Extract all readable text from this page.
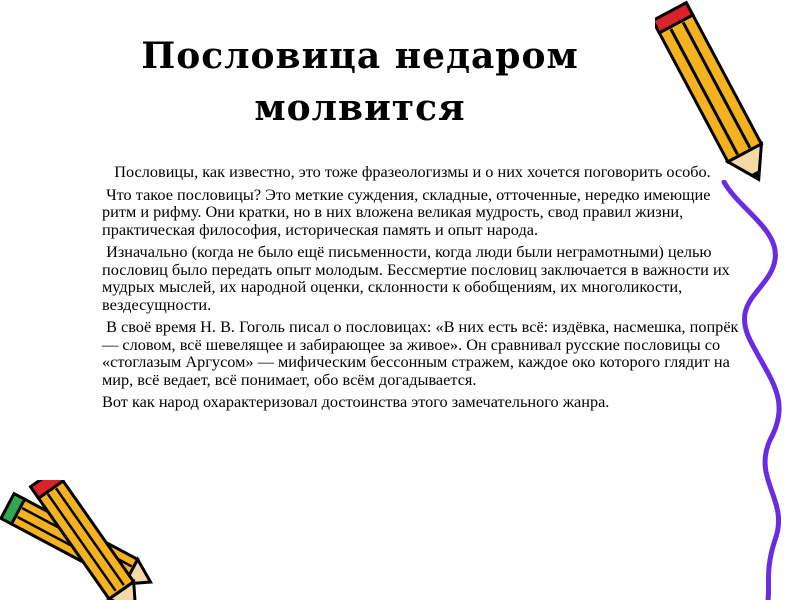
Пословица недаром
молвится

Пословицы, как известно, это тоже фразеологизмы и о них хочется поговорить особо.

Что такое пословицы? Это меткие суждения, складные, отточенные, нередко имеющие ритм и рифму. Они кратки, но в них вложена великая мудрость, свод правил жизни, практическая философия, историческая память и опыт народа.

Изначально (когда не было ещё письменности, когда люди были неграмотными) целью пословиц было передать опыт молодым. Бессмертие пословиц заключается в важности их мудрых мыслей, их народной оценки, склонности к обобщениям, их многоликости, вездесущности.

В своё время Н. В. Гоголь писал о пословицах: «В них есть всё: издёвка, насмешка, попрёк — словом, всё шевелящее и забирающее за живое». Он сравнивал русские пословицы со «стоглазым Аргусом» — мифическим бессонным стражем, каждое око которого глядит на мир, всё ведает, всё понимает, обо всём догадывается.

Вот как народ охарактеризовал достоинства этого замечательного жанра.
